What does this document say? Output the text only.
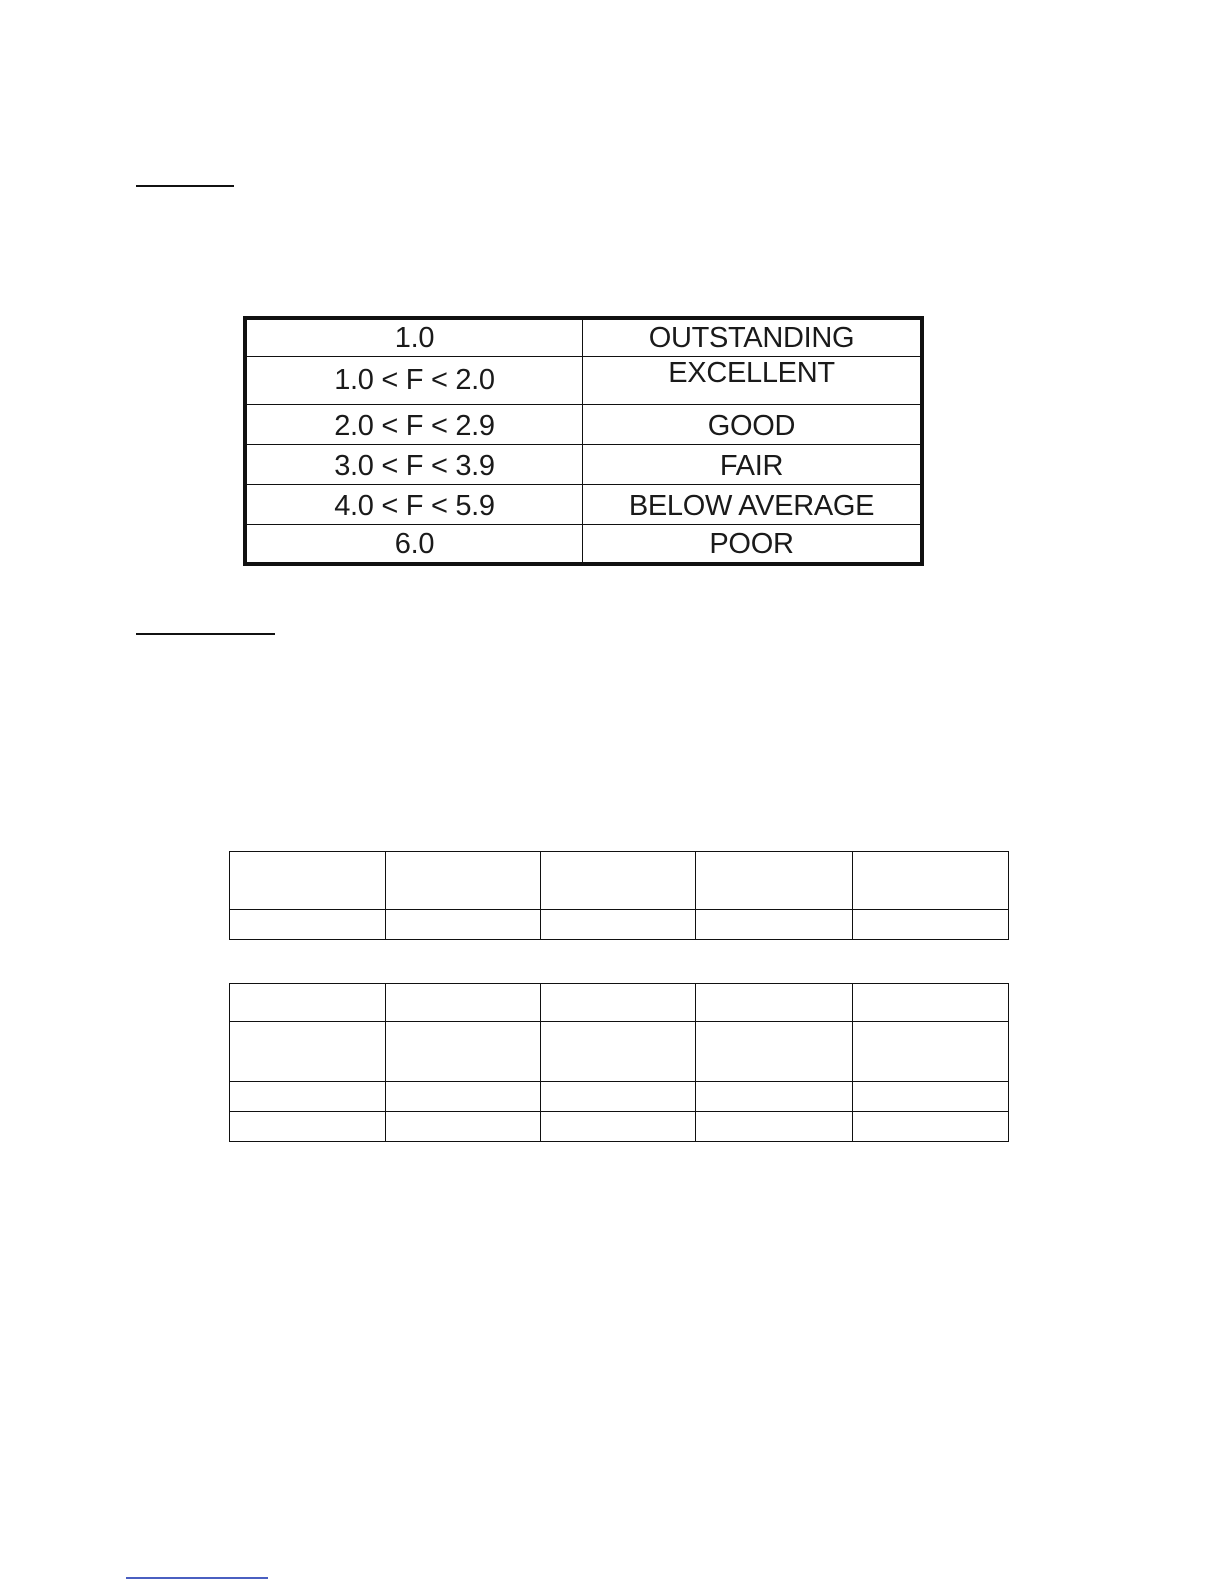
1.0	OUTSTANDING
1.0 < F < 2.0	EXCELLENT
2.0 < F < 2.9	GOOD
3.0 < F < 3.9	FAIR
4.0 < F < 5.9	BELOW AVERAGE
6.0	POOR
